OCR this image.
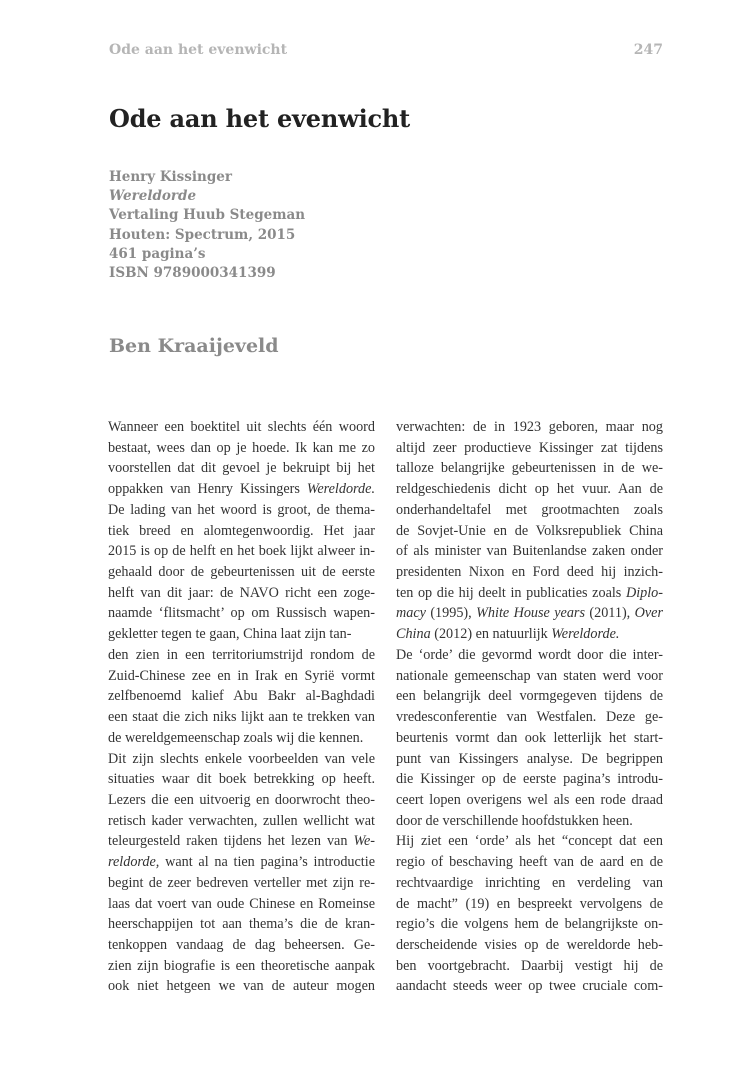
Ode aan het evenwicht	247
Ode aan het evenwicht
Henry Kissinger
Wereldorde
Vertaling Huub Stegeman
Houten: Spectrum, 2015
461 pagina’s
ISBN 9789000341399
Ben Kraaijeveld
Wanneer een boektitel uit slechts één woord
bestaat, wees dan op je hoede. Ik kan me zo
voorstellen dat dit gevoel je bekruipt bij het
oppakken van Henry Kissingers Wereldorde.
De lading van het woord is groot, de thema-
tiek breed en alomtegenwoordig. Het jaar
2015 is op de helft en het boek lijkt alweer in-
gehaald door de gebeurtenissen uit de eerste
helft van dit jaar: de NAVO richt een zoge-
naamde ‘flitsmacht’ op om Russisch wapen-
gekletter tegen te gaan, China laat zijn tan-
den zien in een territoriumstrijd rondom de
Zuid-Chinese zee en in Irak en Syrië vormt
zelfbenoemd kalief Abu Bakr al-Baghdadi
een staat die zich niks lijkt aan te trekken van
de wereldgemeenschap zoals wij die kennen.
Dit zijn slechts enkele voorbeelden van vele
situaties waar dit boek betrekking op heeft.
Lezers die een uitvoerig en doorwrocht theo-
retisch kader verwachten, zullen wellicht wat
teleurgesteld raken tijdens het lezen van We-
reldorde, want al na tien pagina’s introductie
begint de zeer bedreven verteller met zijn re-
laas dat voert van oude Chinese en Romeinse
heerschappijen tot aan thema’s die de kran-
tenkoppen vandaag de dag beheersen. Ge-
zien zijn biografie is een theoretische aanpak
ook niet hetgeen we van de auteur mogen
verwachten: de in 1923 geboren, maar nog
altijd zeer productieve Kissinger zat tijdens
talloze belangrijke gebeurtenissen in de we-
reldgeschiedenis dicht op het vuur. Aan de
onderhandeltafel met grootmachten zoals
de Sovjet-Unie en de Volksrepubliek China
of als minister van Buitenlandse zaken onder
presidenten Nixon en Ford deed hij inzich-
ten op die hij deelt in publicaties zoals Diplo-
macy (1995), White House years (2011), Over
China (2012) en natuurlijk Wereldorde.
De ‘orde’ die gevormd wordt door die inter-
nationale gemeenschap van staten werd voor
een belangrijk deel vormgegeven tijdens de
vredesconferentie van Westfalen. Deze ge-
beurtenis vormt dan ook letterlijk het start-
punt van Kissingers analyse. De begrippen
die Kissinger op de eerste pagina’s introdu-
ceert lopen overigens wel als een rode draad
door de verschillende hoofdstukken heen.
Hij ziet een ‘orde’ als het “concept dat een
regio of beschaving heeft van de aard en de
rechtvaardige inrichting en verdeling van
de macht” (19) en bespreekt vervolgens de
regio’s die volgens hem de belangrijkste on-
derscheidende visies op de wereldorde heb-
ben voortgebracht. Daarbij vestigt hij de
aandacht steeds weer op twee cruciale com-
